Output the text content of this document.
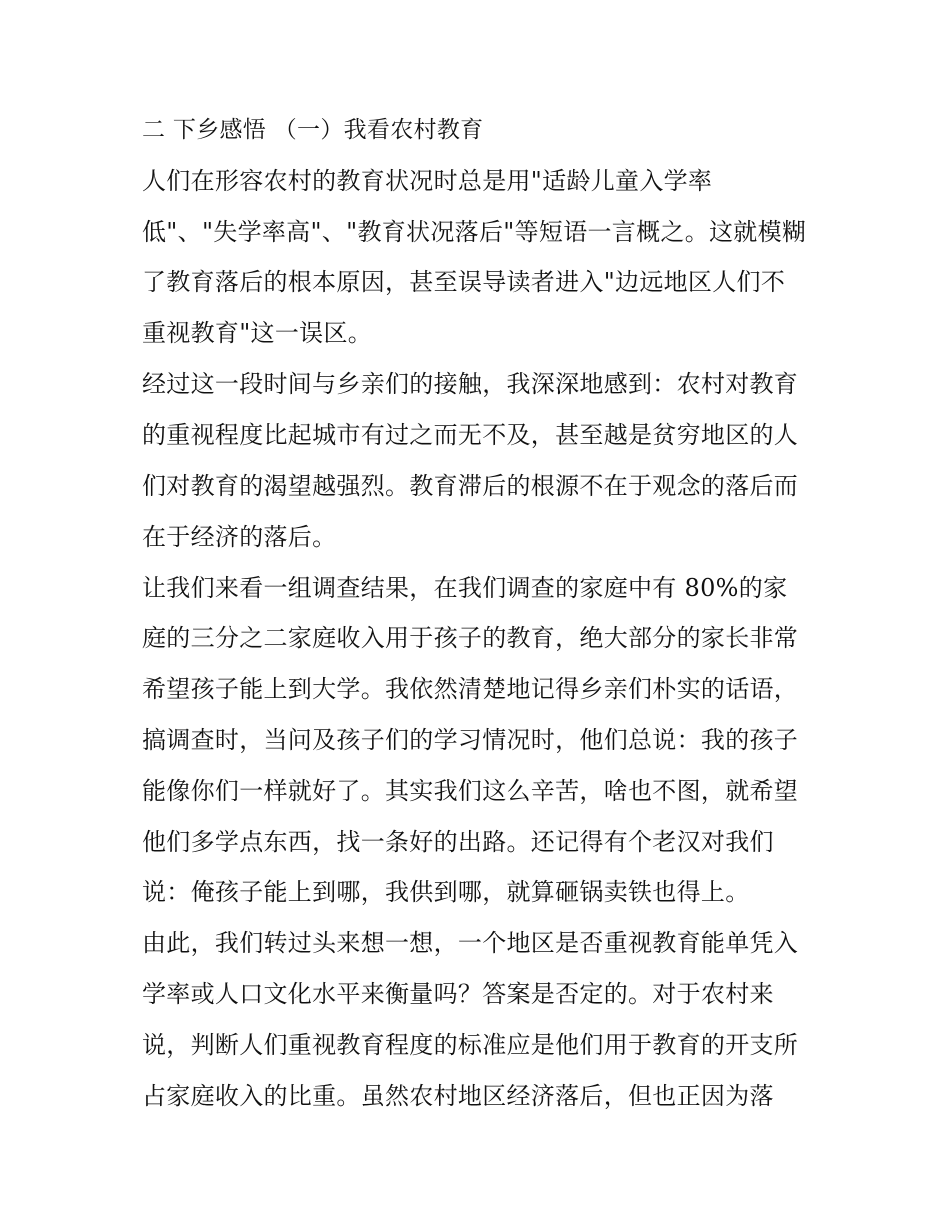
二 下乡感悟 （一）我看农村教育
人们在形容农村的教育状况时总是用"适龄儿童入学率
低"、"失学率高"、"教育状况落后"等短语一言概之。这就模糊
了教育落后的根本原因，甚至误导读者进入"边远地区人们不
重视教育"这一误区。
经过这一段时间与乡亲们的接触，我深深地感到：农村对教育
的重视程度比起城市有过之而无不及，甚至越是贫穷地区的人
们对教育的渴望越强烈。教育滞后的根源不在于观念的落后而
在于经济的落后。
让我们来看一组调查结果，在我们调查的家庭中有 80%的家
庭的三分之二家庭收入用于孩子的教育，绝大部分的家长非常
希望孩子能上到大学。我依然清楚地记得乡亲们朴实的话语，
搞调查时，当问及孩子们的学习情况时，他们总说：我的孩子
能像你们一样就好了。其实我们这么辛苦，啥也不图，就希望
他们多学点东西，找一条好的出路。还记得有个老汉对我们
说：俺孩子能上到哪，我供到哪，就算砸锅卖铁也得上。
由此，我们转过头来想一想，一个地区是否重视教育能单凭入
学率或人口文化水平来衡量吗？答案是否定的。对于农村来
说，判断人们重视教育程度的标准应是他们用于教育的开支所
占家庭收入的比重。虽然农村地区经济落后，但也正因为落
